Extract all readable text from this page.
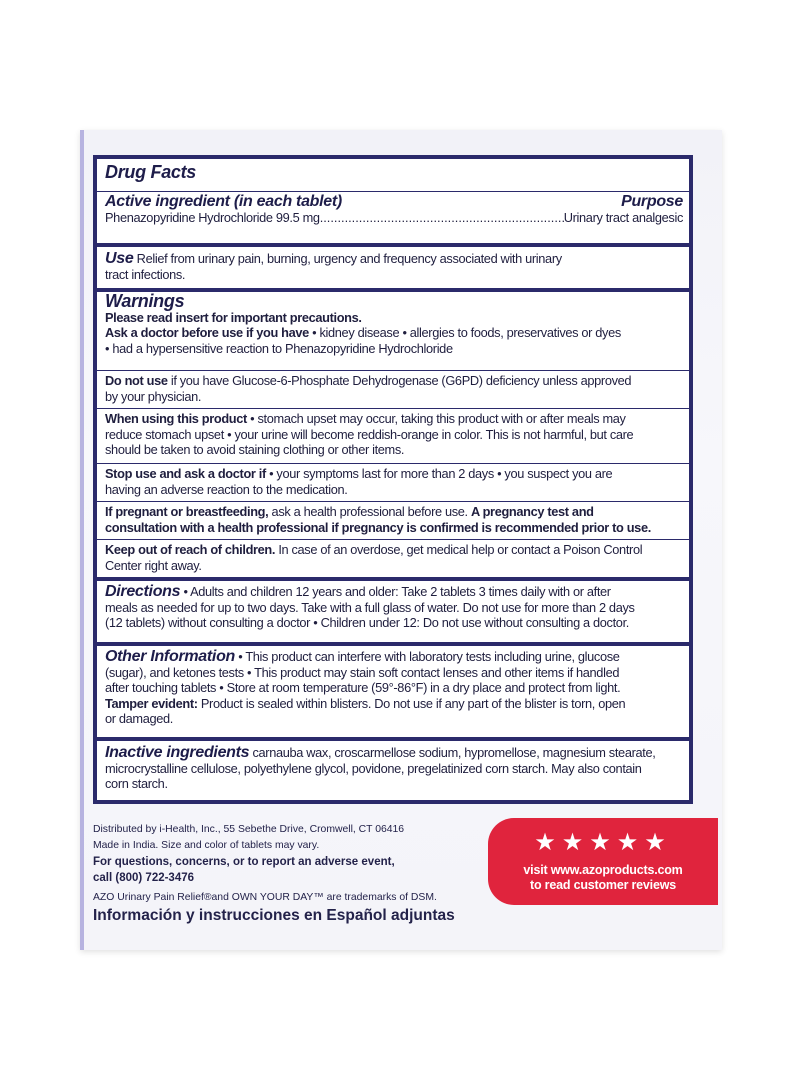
Drug Facts
Active ingredient (in each tablet)	Purpose
Phenazopyridine Hydrochloride 99.5 mg
.....	Urinary tract analgesic
Use Relief from urinary pain, burning, urgency and frequency associated with urinary
tract infections.
Warnings
Please read insert for important precautions.
Ask a doctor before use if you have • kidney disease • allergies to foods, preservatives or dyes
• had a hypersensitive reaction to Phenazopyridine Hydrochloride
Do not use if you have Glucose-6-Phosphate Dehydrogenase (G6PD) deficiency unless approved
by your physician.
When using this product • stomach upset may occur, taking this product with or after meals may
reduce stomach upset • your urine will become reddish-orange in color. This is not harmful, but care
should be taken to avoid staining clothing or other items.
Stop use and ask a doctor if • your symptoms last for more than 2 days • you suspect you are
having an adverse reaction to the medication.
If pregnant or breastfeeding, ask a health professional before use. A pregnancy test and
consultation with a health professional if pregnancy is confirmed is recommended prior to use.
Keep out of reach of children. In case of an overdose, get medical help or contact a Poison Control
Center right away.
Directions • Adults and children 12 years and older: Take 2 tablets 3 times daily with or after
meals as needed for up to two days. Take with a full glass of water. Do not use for more than 2 days
(12 tablets) without consulting a doctor • Children under 12: Do not use without consulting a doctor.
Other Information • This product can interfere with laboratory tests including urine, glucose
(sugar), and ketones tests • This product may stain soft contact lenses and other items if handled
after touching tablets • Store at room temperature (59°-86°F) in a dry place and protect from light.
Tamper evident: Product is sealed within blisters. Do not use if any part of the blister is torn, open
or damaged.
Inactive ingredients carnauba wax, croscarmellose sodium, hypromellose, magnesium stearate,
microcrystalline cellulose, polyethylene glycol, povidone, pregelatinized corn starch. May also contain
corn starch.
Distributed by i-Health, Inc., 55 Sebethe Drive, Cromwell, CT 06416
Made in India. Size and color of tablets may vary.
For questions, concerns, or to report an adverse event,
call (800) 722-3476
AZO Urinary Pain Relief®and OWN YOUR DAY™ are trademarks of DSM.
Información y instrucciones en Español adjuntas
★★★★★
visit www.azoproducts.com
to read customer reviews
